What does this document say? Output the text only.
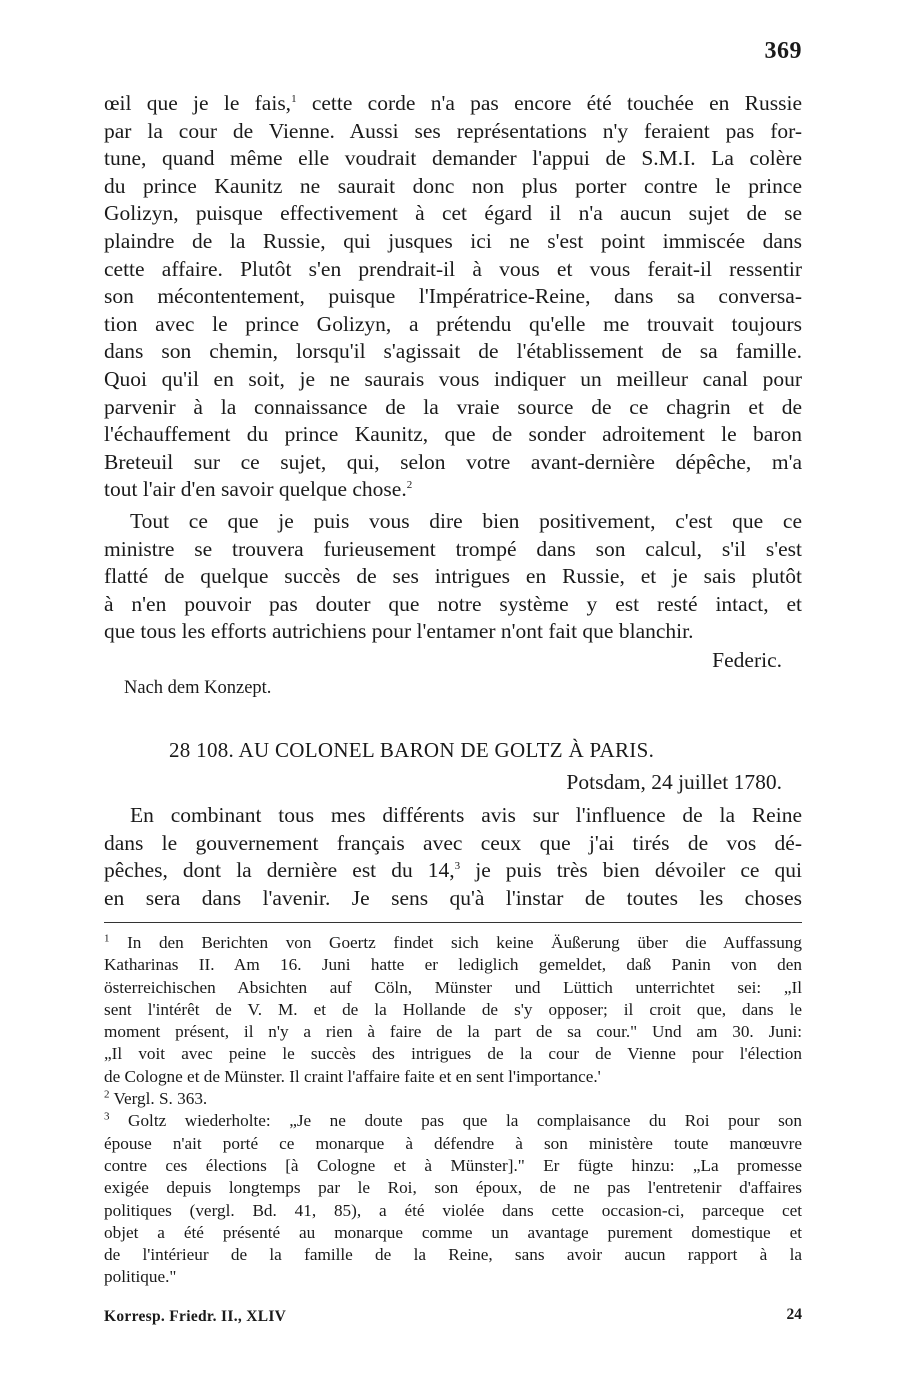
369
œil que je le fais,$^1$ cette corde n'a pas encore été touchée en Russie
par la cour de Vienne. Aussi ses représentations n'y feraient pas for-
tune, quand même elle voudrait demander l'appui de S.M.I. La colère
du prince Kaunitz ne saurait donc non plus porter contre le prince
Golizyn, puisque effectivement à cet égard il n'a aucun sujet de se
plaindre de la Russie, qui jusques ici ne s'est point immiscée dans
cette affaire. Plutôt s'en prendrait-il à vous et vous ferait-il ressentir
son mécontentement, puisque l'Impératrice-Reine, dans sa conversa-
tion avec le prince Golizyn, a prétendu qu'elle me trouvait toujours
dans son chemin, lorsqu'il s'agissait de l'établissement de sa famille.
Quoi qu'il en soit, je ne saurais vous indiquer un meilleur canal pour
parvenir à la connaissance de la vraie source de ce chagrin et de
l'échauffement du prince Kaunitz, que de sonder adroitement le baron
Breteuil sur ce sujet, qui, selon votre avant-dernière dépêche, m'a
tout l'air d'en savoir quelque chose.$^2$
Tout ce que je puis vous dire bien positivement, c'est que ce
ministre se trouvera furieusement trompé dans son calcul, s'il s'est
flatté de quelque succès de ses intrigues en Russie, et je sais plutôt
à n'en pouvoir pas douter que notre système y est resté intact, et
que tous les efforts autrichiens pour l'entamer n'ont fait que blanchir.
Federic.
Nach dem Konzept.
28 108. AU COLONEL BARON DE GOLTZ À PARIS.
Potsdam, 24 juillet 1780.
En combinant tous mes différents avis sur l'influence de la Reine
dans le gouvernement français avec ceux que j'ai tirés de vos dé-
pêches, dont la dernière est du 14,$^3$ je puis très bien dévoiler ce qui
en sera dans l'avenir. Je sens qu'à l'instar de toutes les choses
$^1$ In den Berichten von Goertz findet sich keine Äußerung über die Auffassung
Katharinas II. Am 16. Juni hatte er lediglich gemeldet, daß Panin von den
österreichischen Absichten auf Cöln, Münster und Lüttich unterrichtet sei: „Il
sent l'intérêt de V. M. et de la Hollande de s'y opposer; il croit que, dans le
moment présent, il n'y a rien à faire de la part de sa cour." Und am 30. Juni:
„Il voit avec peine le succès des intrigues de la cour de Vienne pour l'élection
de Cologne et de Münster. Il craint l'affaire faite et en sent l'importance.'
$^2$ Vergl. S. 363.
$^3$ Goltz wiederholte: „Je ne doute pas que la complaisance du Roi pour son
épouse n'ait porté ce monarque à défendre à son ministère toute manœuvre
contre ces élections [à Cologne et à Münster]." Er fügte hinzu: „La promesse
exigée depuis longtemps par le Roi, son époux, de ne pas l'entretenir d'affaires
politiques (vergl. Bd. 41, 85), a été violée dans cette occasion-ci, parceque cet
objet a été présenté au monarque comme un avantage purement domestique et
de l'intérieur de la famille de la Reine, sans avoir aucun rapport à la
politique."
Korresp. Friedr. II., XLIV	24
